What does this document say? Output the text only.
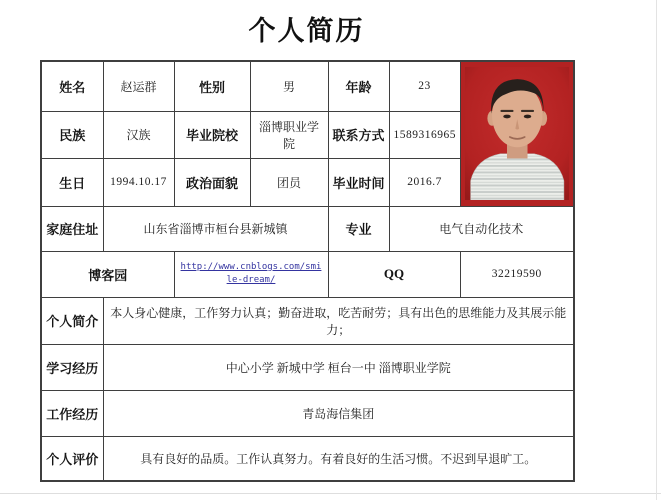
个人简历
姓名	赵运群	性别	男	年龄	23	

民族	汉族	毕业院校	淄博职业学院	联系方式	1589316965	
生日	1994.10.17	政治面貌	团员	毕业时间	2016.7	
家庭住址	山东省淄博市桓台县新城镇			专业	电气自动化技术	
博客园		http://www.cnblogs.com/smile-dream/		QQ		32219590
个人简介	本人身心健康，工作努力认真；勤奋进取，吃苦耐劳；具有出色的思维能力及其展示能力；					
学习经历	中心小学 新城中学 桓台一中 淄博职业学院					
工作经历	青岛海信集团					
个人评价	具有良好的品质。工作认真努力。有着良好的生活习惯。不迟到早退旷工。					
